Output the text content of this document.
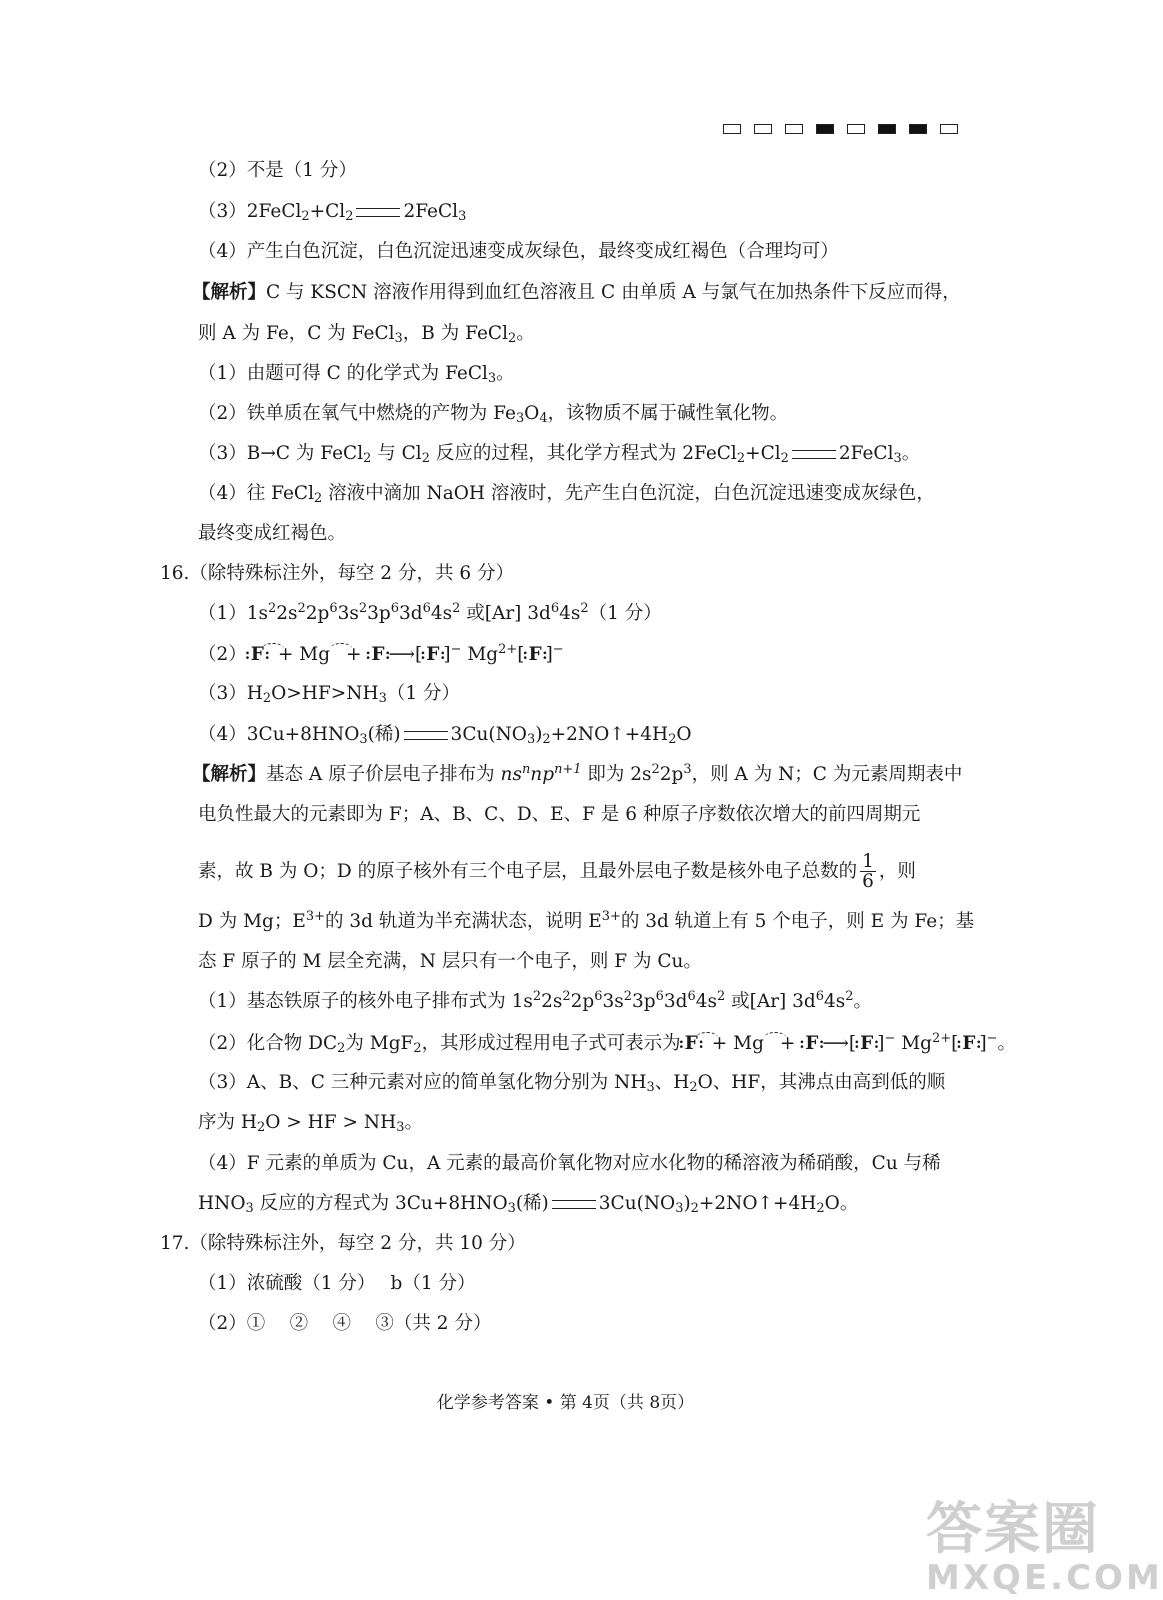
（2）不是（1 分）
$(3)2FeCl_2+Cl_2$	2FeCl$_3$
（4）产生白色沉淀，白色沉淀迅速变成灰绿色，最终变成红褐色（合理均可）
【解析】C 与 KSCN 溶液作用得到血红色溶液且 C 由单质 A 与氯气在加热条件下反应而得，
则 A 为 Fe，C 为 FeCl$_3$，B 为 FeCl$_2$。
（1）由题可得 C 的化学式为 FeCl$_3$。
（2）铁单质在氧气中燃烧的产物为 $Fe_3O_4$，该物质不属于碱性氧化物。
（3）B→C 为 FeCl$_2$ 与 $Cl_2$ 反应的过程，其化学方程式为 $2FeCl_2+Cl_2$	2FeCl$_3$。
（4）往 FeCl$_2$ 溶液中滴加 NaOH 溶液时，先产生白色沉淀，白色沉淀迅速变成灰绿色，
最终变成红褐色。
16.（除特殊标注外，每空 2 分，共 6 分）
$(1)1s^22s^22p^63s^23p^63d^64s^2$ 或[Ar] $3d^64s^2(1$ 分）
（2） : F : + Mg + : F : ⟶[ : F : ]− $Mg^{2+}$[ : F : ]−
$(3)H_2O>HF>NH_3(1$ 分）
$(4)3Cu+8HNO_3$(稀)	$3Cu(NO_3)_2+2NO↑+4H_2O$
【解析】基态 A 原子价层电子排布为 $ns^nnp^{n+1}$ 即为 $2s^22p^3$，则 A 为 N；C 为元素周期表中
电负性最大的元素即为 F；A、B、C、D、E、F 是 6 种原子序数依次增大的前四周期元
素，故 B 为 O；D 的原子核外有三个电子层，且最外层电子数是核外电子总数的 $\frac{1}{6}$ ，则
D 为 Mg；$E^{3+}$的 3d 轨道为半充满状态，说明 $E^{3+}$的 3d 轨道上有 5 个电子，则 E 为 Fe；基
态 F 原子的 M 层全充满，N 层只有一个电子，则 F 为 Cu。
（1）基态铁原子的核外电子排布式为 $1s^22s^22p^63s^23p^63d^64s^2$ 或[Ar] $3d^64s^2$。
（2）化合物 $DC_2$为 MgF$_2$，其形成过程用电子式可表示为 : F : + Mg + : F : ⟶[ : F : ]− $Mg^{2+}$[ : F : ]−。
（3）A、B、C 三种元素对应的简单氢化物分别为 $NH_3$、$H_2O$、HF，其沸点由高到低的顺
序为 $H_2O$ > HF > $NH_3$。
（4）F 元素的单质为 Cu，A 元素的最高价氧化物对应水化物的稀溶液为稀硝酸，Cu 与稀
$HNO_3$ 反应的方程式为 $3Cu+8HNO_3$(稀)	$3Cu(NO_3)_2+2NO↑+4H_2O$。
17.（除特殊标注外，每空 2 分，共 10 分）
（1）浓硫酸（1 分）　 b（1 分）
（2）①　 ②　 ④　 ③（共 2 分）
化学参考答案 • 第 4页（共 8页）
答案圈
MXQE.COM
